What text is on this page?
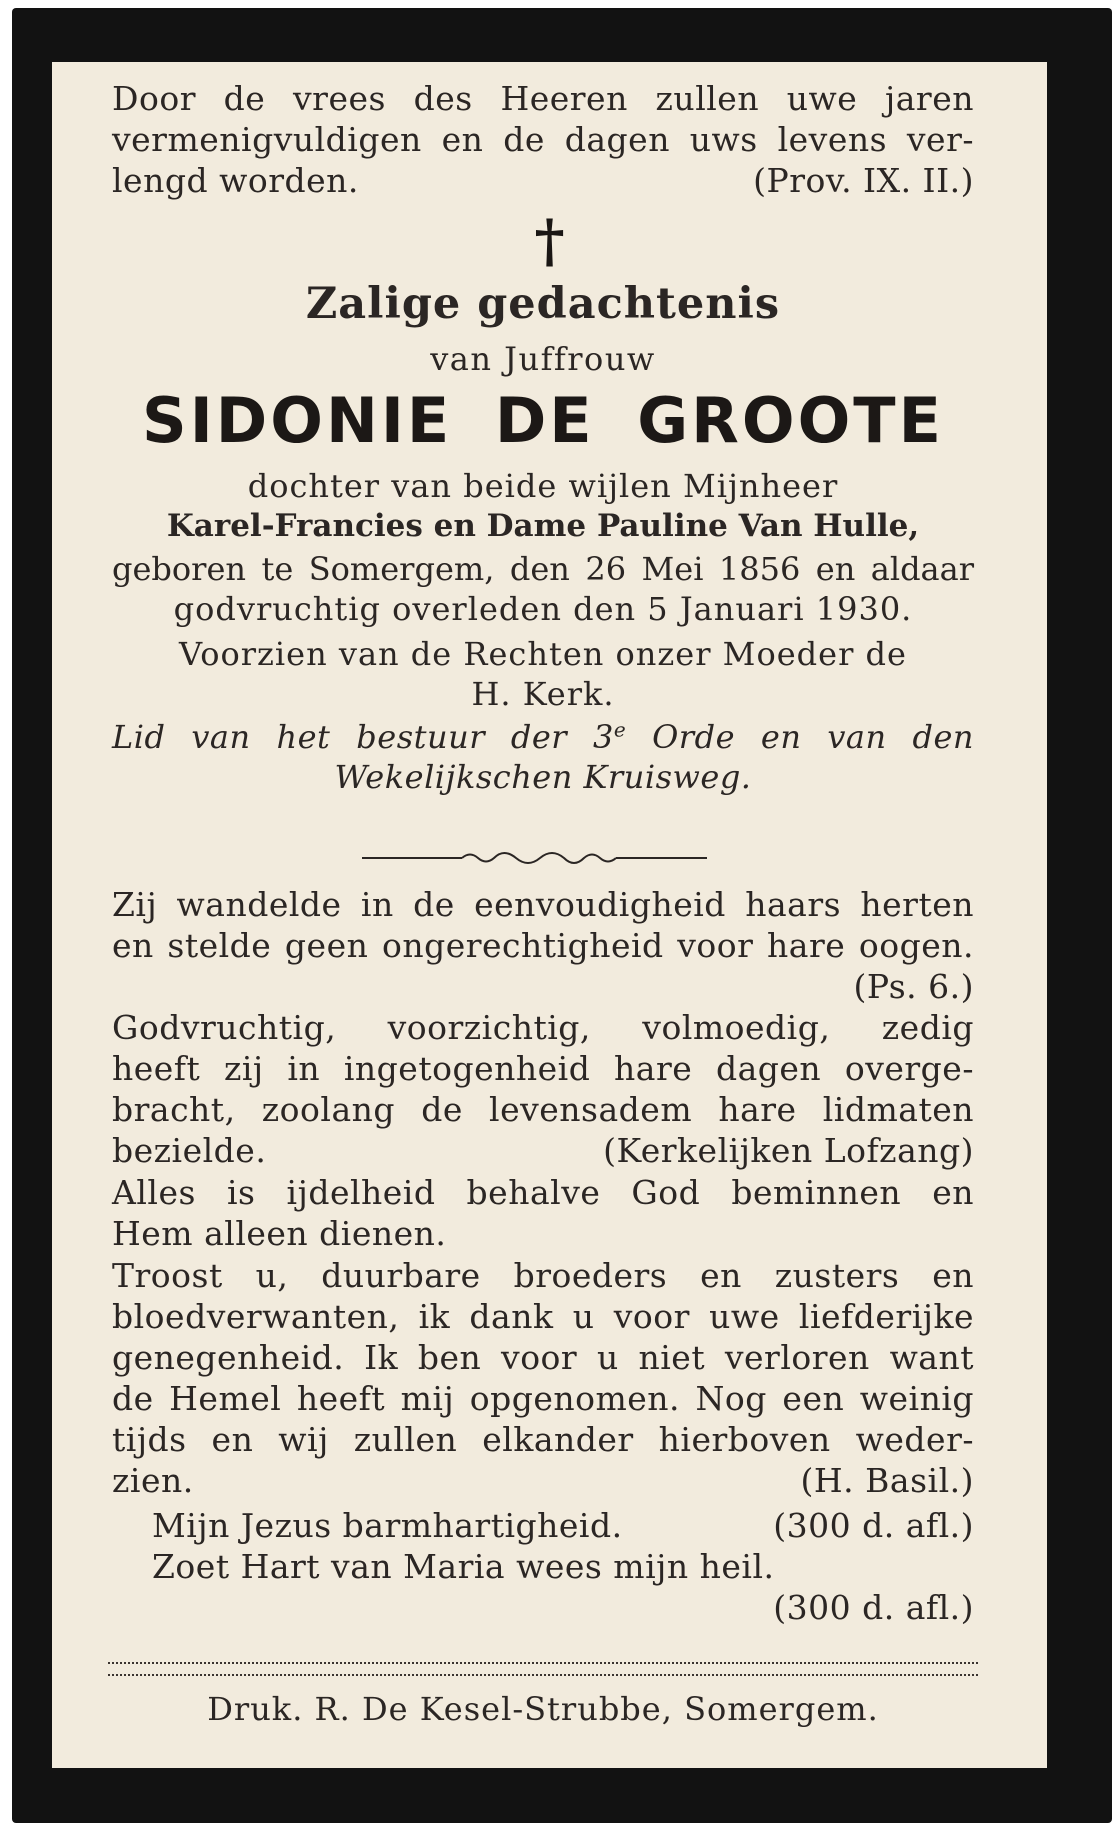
Door de vrees des Heeren zullen uwe jaren
vermenigvuldigen en de dagen uws levens ver-
lengd worden.	(Prov. IX. II.)
†
Zalige gedachtenis
van Juffrouw
SIDONIE DE GROOTE
dochter van beide wijlen Mijnheer
Karel-Francies en Dame Pauline Van Hulle,
geboren te Somergem, den 26 Mei 1856 en aldaar
godvruchtig overleden den 5 Januari 1930.
Voorzien van de Rechten onzer Moeder de
H. Kerk.
Lid van het bestuur der 3e Orde en van den
Wekelijkschen Kruisweg.
Zij wandelde in de eenvoudigheid haars herten
en stelde geen ongerechtigheid voor hare oogen.
(Ps. 6.)
Godvruchtig, voorzichtig, volmoedig, zedig
heeft zij in ingetogenheid hare dagen overge-
bracht, zoolang de levensadem hare lidmaten
bezielde.	(Kerkelijken Lofzang)
Alles is ijdelheid behalve God beminnen en
Hem alleen dienen.
Troost u, duurbare broeders en zusters en
bloedverwanten, ik dank u voor uwe liefderijke
genegenheid. Ik ben voor u niet verloren want
de Hemel heeft mij opgenomen. Nog een weinig
tijds en wij zullen elkander hierboven weder-
zien.	(H. Basil.)
Mijn Jezus barmhartigheid.	(300 d. afl.)
Zoet Hart van Maria wees mijn heil.
(300 d. afl.)
Druk. R. De Kesel-Strubbe, Somergem.
